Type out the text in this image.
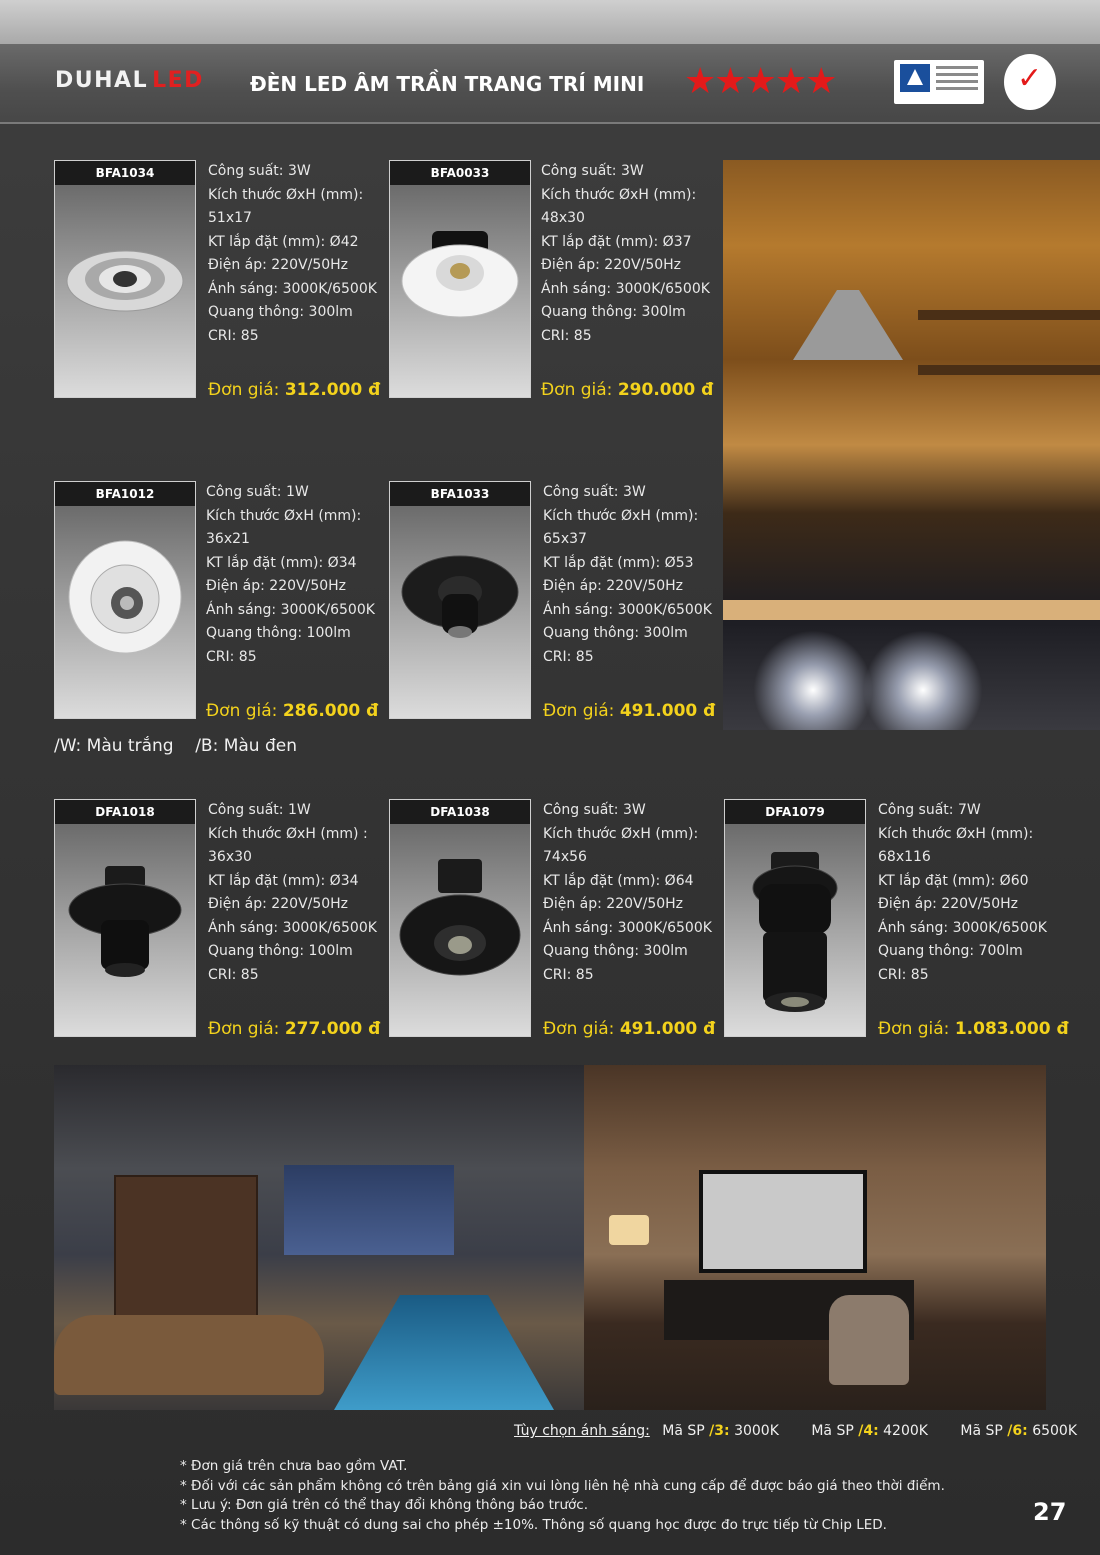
DUHAL LED ĐÈN LED ÂM TRẦN TRANG TRÍ MINI ★★★★★	✓
BFA1034	Công suất: 3W
Kích thước ØxH (mm):
51x17
KT lắp đặt (mm): Ø42
Điện áp: 220V/50Hz
Ánh sáng: 3000K/6500K
Quang thông: 300lm
CRI: 85
Đơn giá: 312.000 đ
BFA0033	Công suất: 3W
Kích thước ØxH (mm):
48x30
KT lắp đặt (mm): Ø37
Điện áp: 220V/50Hz
Ánh sáng: 3000K/6500K
Quang thông: 300lm
CRI: 85
Đơn giá: 290.000 đ
BFA1012	Công suất: 1W
Kích thước ØxH (mm):
36x21
KT lắp đặt (mm): Ø34
Điện áp: 220V/50Hz
Ánh sáng: 3000K/6500K
Quang thông: 100lm
CRI: 85
Đơn giá: 286.000 đ
BFA1033	Công suất: 3W
Kích thước ØxH (mm):
65x37
KT lắp đặt (mm): Ø53
Điện áp: 220V/50Hz
Ánh sáng: 3000K/6500K
Quang thông: 300lm
CRI: 85
Đơn giá: 491.000 đ
/W: Màu trắng    /B: Màu đen
DFA1018	Công suất: 1W
Kích thước ØxH (mm) :
36x30
KT lắp đặt (mm): Ø34
Điện áp: 220V/50Hz
Ánh sáng: 3000K/6500K
Quang thông: 100lm
CRI: 85
Đơn giá: 277.000 đ
DFA1038	Công suất: 3W
Kích thước ØxH (mm):
74x56
KT lắp đặt (mm): Ø64
Điện áp: 220V/50Hz
Ánh sáng: 3000K/6500K
Quang thông: 300lm
CRI: 85
Đơn giá: 491.000 đ
DFA1079	Công suất: 7W
Kích thước ØxH (mm):
68x116
KT lắp đặt (mm): Ø60
Điện áp: 220V/50Hz
Ánh sáng: 3000K/6500K
Quang thông: 700lm
CRI: 85
Đơn giá: 1.083.000 đ
Tùy chọn ánh sáng: Mã SP /3: 3000K Mã SP /4: 4200K Mã SP /6: 6500K
* Đơn giá trên chưa bao gồm VAT.
* Đối với các sản phẩm không có trên bảng giá xin vui lòng liên hệ nhà cung cấp để được báo giá theo thời điểm.
* Lưu ý: Đơn giá trên có thể thay đổi không thông báo trước.
* Các thông số kỹ thuật có dung sai cho phép ±10%. Thông số quang học được đo trực tiếp từ Chip LED.	27
